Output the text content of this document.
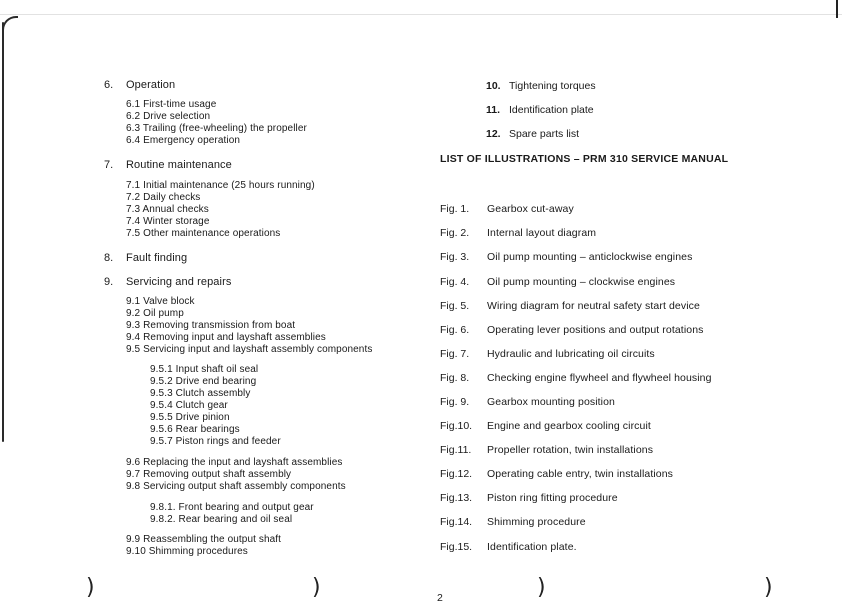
6. Operation
6.1 First-time usage
6.2 Drive selection
6.3 Trailing (free-wheeling) the propeller
6.4 Emergency operation
7. Routine maintenance
7.1 Initial maintenance (25 hours running)
7.2 Daily checks
7.3 Annual checks
7.4 Winter storage
7.5 Other maintenance operations
8. Fault finding
9. Servicing and repairs
9.1 Valve block
9.2 Oil pump
9.3 Removing transmission from boat
9.4 Removing input and layshaft assemblies
9.5 Servicing input and layshaft assembly components
9.5.1 Input shaft oil seal
9.5.2 Drive end bearing
9.5.3 Clutch assembly
9.5.4 Clutch gear
9.5.5 Drive pinion
9.5.6 Rear bearings
9.5.7 Piston rings and feeder
9.6 Replacing the input and layshaft assemblies
9.7 Removing output shaft assembly
9.8 Servicing output shaft assembly components
9.8.1. Front bearing and output gear
9.8.2. Rear bearing and oil seal
9.9 Reassembling the output shaft
9.10 Shimming procedures
10. Tightening torques
11. Identification plate
12. Spare parts list
LIST OF ILLUSTRATIONS – PRM 310 SERVICE MANUAL
Fig. 1. Gearbox cut-away
Fig. 2. Internal layout diagram
Fig. 3. Oil pump mounting – anticlockwise engines
Fig. 4. Oil pump mounting – clockwise engines
Fig. 5. Wiring diagram for neutral safety start device
Fig. 6. Operating lever positions and output rotations
Fig. 7. Hydraulic and lubricating oil circuits
Fig. 8. Checking engine flywheel and flywheel housing
Fig. 9. Gearbox mounting position
Fig.10. Engine and gearbox cooling circuit
Fig.11. Propeller rotation, twin installations
Fig.12. Operating cable entry, twin installations
Fig.13. Piston ring fitting procedure
Fig.14. Shimming procedure
Fig.15. Identification plate.
2
)	)	)	)
